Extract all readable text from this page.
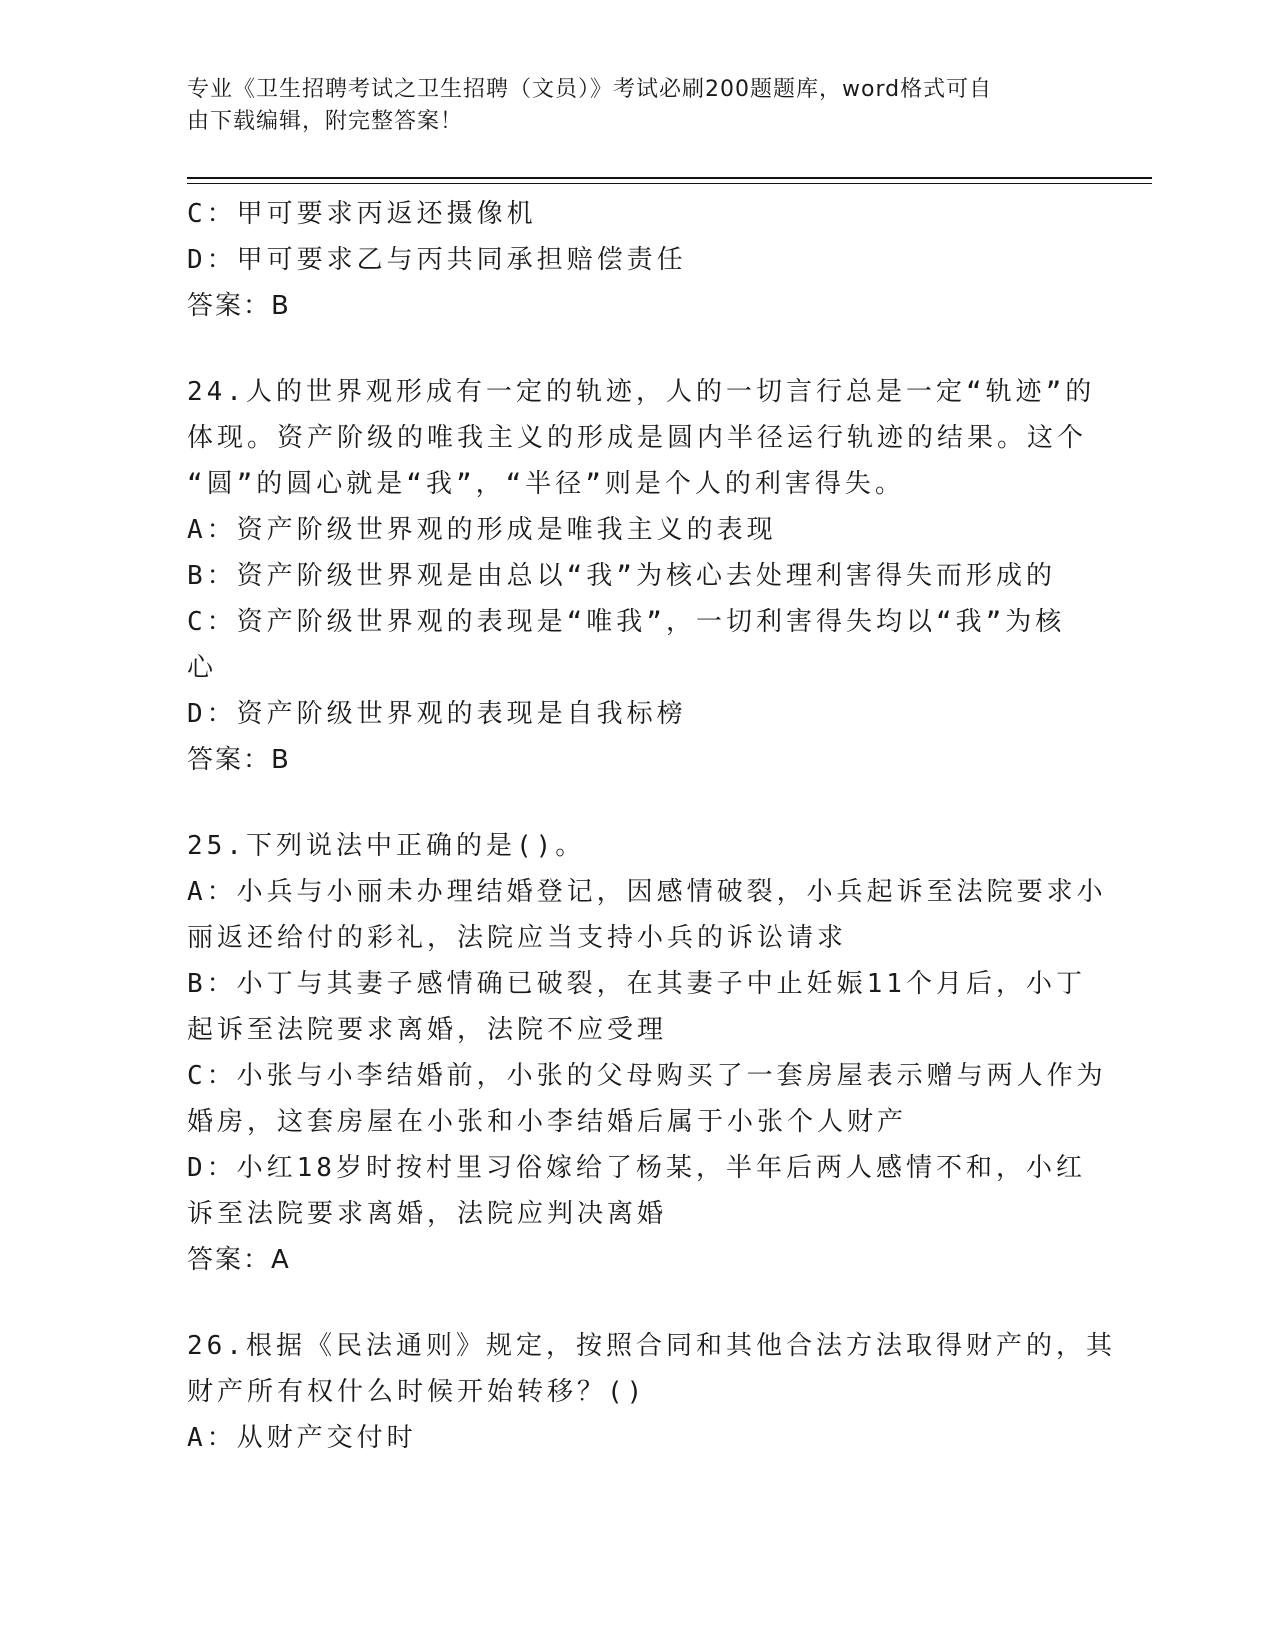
专业《卫生招聘考试之卫生招聘（文员）》考试必刷200题题库，word格式可自
由下载编辑，附完整答案！
C：甲可要求丙返还摄像机
D：甲可要求乙与丙共同承担赔偿责任
答案：B
24.人的世界观形成有一定的轨迹，人的一切言行总是一定“轨迹”的
体现。资产阶级的唯我主义的形成是圆内半径运行轨迹的结果。这个
“圆”的圆心就是“我”，“半径”则是个人的利害得失。
A：资产阶级世界观的形成是唯我主义的表现
B：资产阶级世界观是由总以“我”为核心去处理利害得失而形成的
C：资产阶级世界观的表现是“唯我”，一切利害得失均以“我”为核
心
D：资产阶级世界观的表现是自我标榜
答案：B
25.下列说法中正确的是()。
A：小兵与小丽未办理结婚登记，因感情破裂，小兵起诉至法院要求小
丽返还给付的彩礼，法院应当支持小兵的诉讼请求
B：小丁与其妻子感情确已破裂，在其妻子中止妊娠11个月后，小丁
起诉至法院要求离婚，法院不应受理
C：小张与小李结婚前，小张的父母购买了一套房屋表示赠与两人作为
婚房，这套房屋在小张和小李结婚后属于小张个人财产
D：小红18岁时按村里习俗嫁给了杨某，半年后两人感情不和，小红
诉至法院要求离婚，法院应判决离婚
答案：A
26.根据《民法通则》规定，按照合同和其他合法方法取得财产的，其
财产所有权什么时候开始转移？()
A：从财产交付时
